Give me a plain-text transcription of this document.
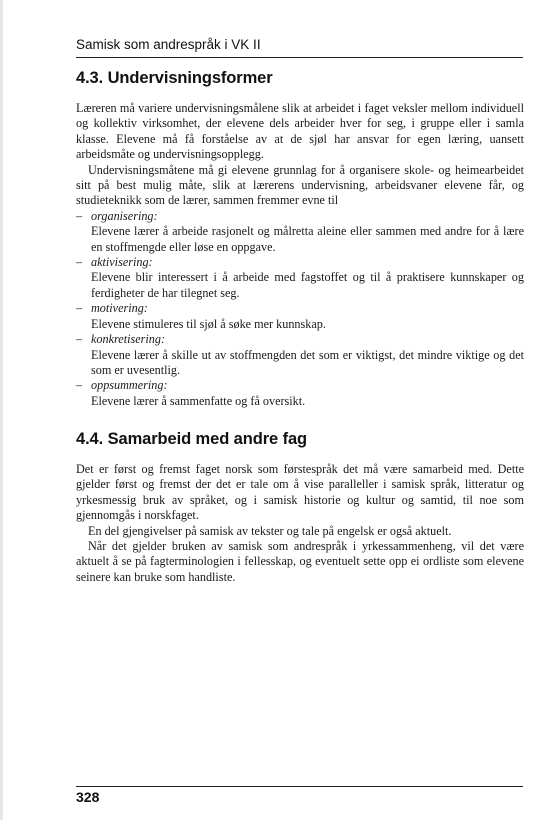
Samisk som andrespråk i VK II
4.3. Undervisningsformer

Læreren må variere undervisningsmålene slik at arbeidet i faget veksler mellom individuell og kollektiv virksomhet, der elevene dels arbeider hver for seg, i gruppe eller i samla klasse. Elevene må få forståelse av at de sjøl har ansvar for egen læring, uansett arbeidsmåte og undervisningsopplegg.

Undervisningsmåtene må gi elevene grunnlag for å organisere skole- og heimearbeidet sitt på best mulig måte, slik at lærerens undervisning, arbeidsvaner elevene får, og studieteknikk som de lærer, sammen fremmer evne til

– organisering:
Elevene lærer å arbeide rasjonelt og målretta aleine eller sammen med andre for å lære en stoffmengde eller løse en oppgave.
– aktivisering:
Elevene blir interessert i å arbeide med fagstoffet og til å praktisere kunnskaper og ferdigheter de har tilegnet seg.
– motivering:
Elevene stimuleres til sjøl å søke mer kunnskap.
– konkretisering:
Elevene lærer å skille ut av stoffmengden det som er viktigst, det mindre viktige og det som er uvesentlig.
– oppsummering:
Elevene lærer å sammenfatte og få oversikt.
4.4. Samarbeid med andre fag

Det er først og fremst faget norsk som førstespråk det må være samarbeid med. Dette gjelder først og fremst der det er tale om å vise paralleller i samisk språk, litteratur og yrkesmessig bruk av språket, og i samisk historie og kultur og samtid, til noe som gjennomgås i norskfaget.

En del gjengivelser på samisk av tekster og tale på engelsk er også aktuelt.

Når det gjelder bruken av samisk som andrespråk i yrkessammenheng, vil det være aktuelt å se på fagterminologien i fellesskap, og eventuelt sette opp ei ordliste som elevene seinere kan bruke som handliste.

328
